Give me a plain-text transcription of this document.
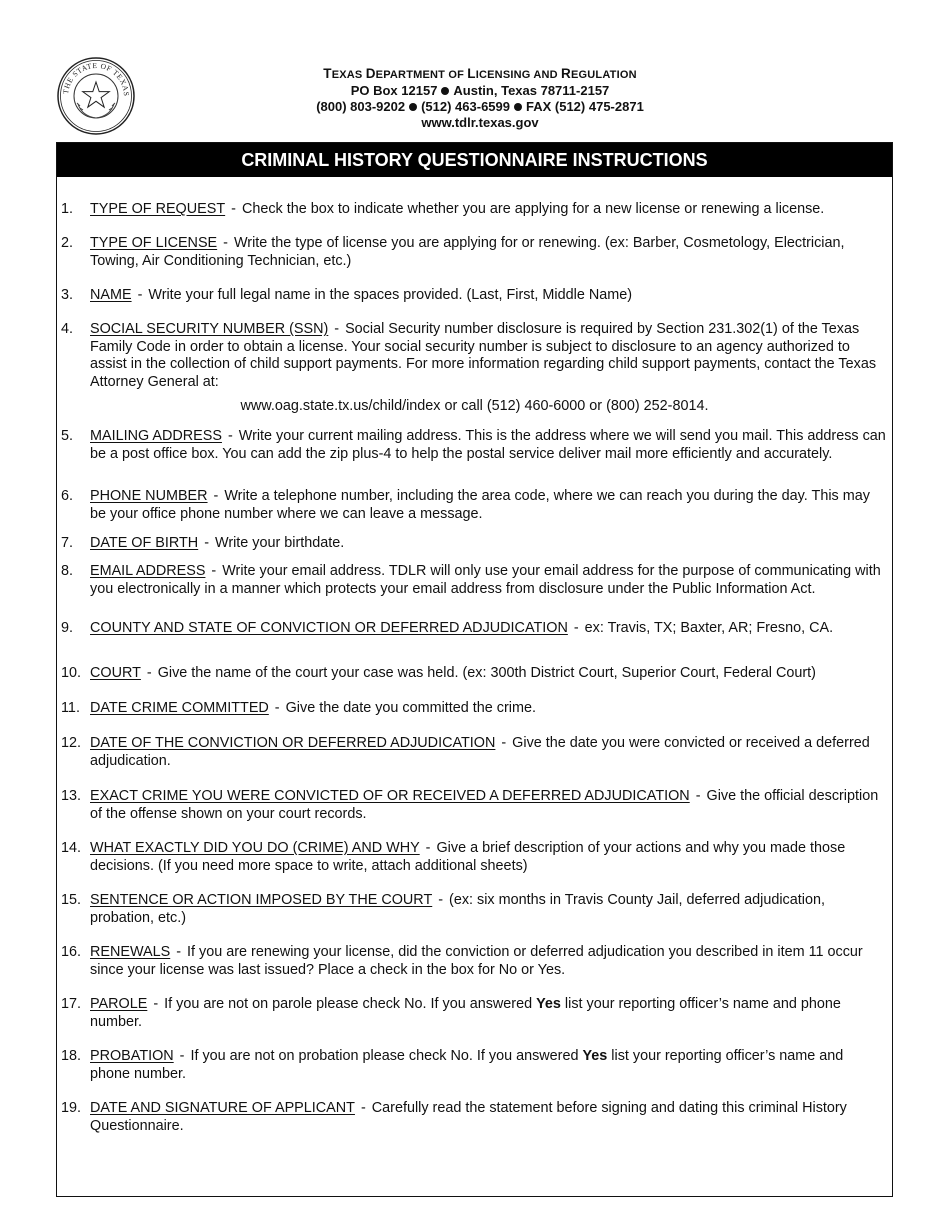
THE STATE OF TEXAS
TEXAS DEPARTMENT OF LICENSING AND REGULATION
PO Box 12157 Austin, Texas 78711-2157
(800) 803-9202 (512) 463-6599 FAX (512) 475-2871
www.tdlr.texas.gov
CRIMINAL HISTORY QUESTIONNAIRE INSTRUCTIONS
1.	TYPE OF REQUEST - Check the box to indicate whether you are applying for a new license or renewing a license.
2.	TYPE OF LICENSE - Write the type of license you are applying for or renewing. (ex: Barber, Cosmetology, Electrician, Towing, Air Conditioning Technician, etc.)
3.	NAME - Write your full legal name in the spaces provided. (Last, First, Middle Name)
4.	SOCIAL SECURITY NUMBER (SSN) - Social Security number disclosure is required by Section 231.302(1) of the Texas Family Code in order to obtain a license. Your social security number is subject to disclosure to an agency authorized to assist in the collection of child support payments. For more information regarding child support payments, contact the Texas Attorney General at:
www.oag.state.tx.us/child/index or call (512) 460-6000 or (800) 252-8014.
5.	MAILING ADDRESS - Write your current mailing address. This is the address where we will send you mail. This address can be a post office box. You can add the zip plus-4 to help the postal service deliver mail more efficiently and accurately.
6.	PHONE NUMBER - Write a telephone number, including the area code, where we can reach you during the day. This may be your office phone number where we can leave a message.
7.	DATE OF BIRTH - Write your birthdate.
8.	EMAIL ADDRESS - Write your email address. TDLR will only use your email address for the purpose of communicating with you electronically in a manner which protects your email address from disclosure under the Public Information Act.
9.	COUNTY AND STATE OF CONVICTION OR DEFERRED ADJUDICATION - ex: Travis, TX; Baxter, AR; Fresno, CA.
10. COURT - Give the name of the court your case was held. (ex: 300th District Court, Superior Court, Federal Court)
11. DATE CRIME COMMITTED - Give the date you committed the crime.
12. DATE OF THE CONVICTION OR DEFERRED ADJUDICATION - Give the date you were convicted or received a deferred adjudication.
13. EXACT CRIME YOU WERE CONVICTED OF OR RECEIVED A DEFERRED ADJUDICATION - Give the official description of the offense shown on your court records.
14. WHAT EXACTLY DID YOU DO (CRIME) AND WHY - Give a brief description of your actions and why you made those decisions. (If you need more space to write, attach additional sheets)
15. SENTENCE OR ACTION IMPOSED BY THE COURT - (ex: six months in Travis County Jail, deferred adjudication, probation, etc.)
16. RENEWALS - If you are renewing your license, did the conviction or deferred adjudication you described in item 11 occur since your license was last issued? Place a check in the box for No or Yes.
17. PAROLE - If you are not on parole please check No. If you answered Yes list your reporting officer’s name and phone number.
18. PROBATION - If you are not on probation please check No. If you answered Yes list your reporting officer’s name and phone number.
19. DATE AND SIGNATURE OF APPLICANT - Carefully read the statement before signing and dating this criminal History Questionnaire.
